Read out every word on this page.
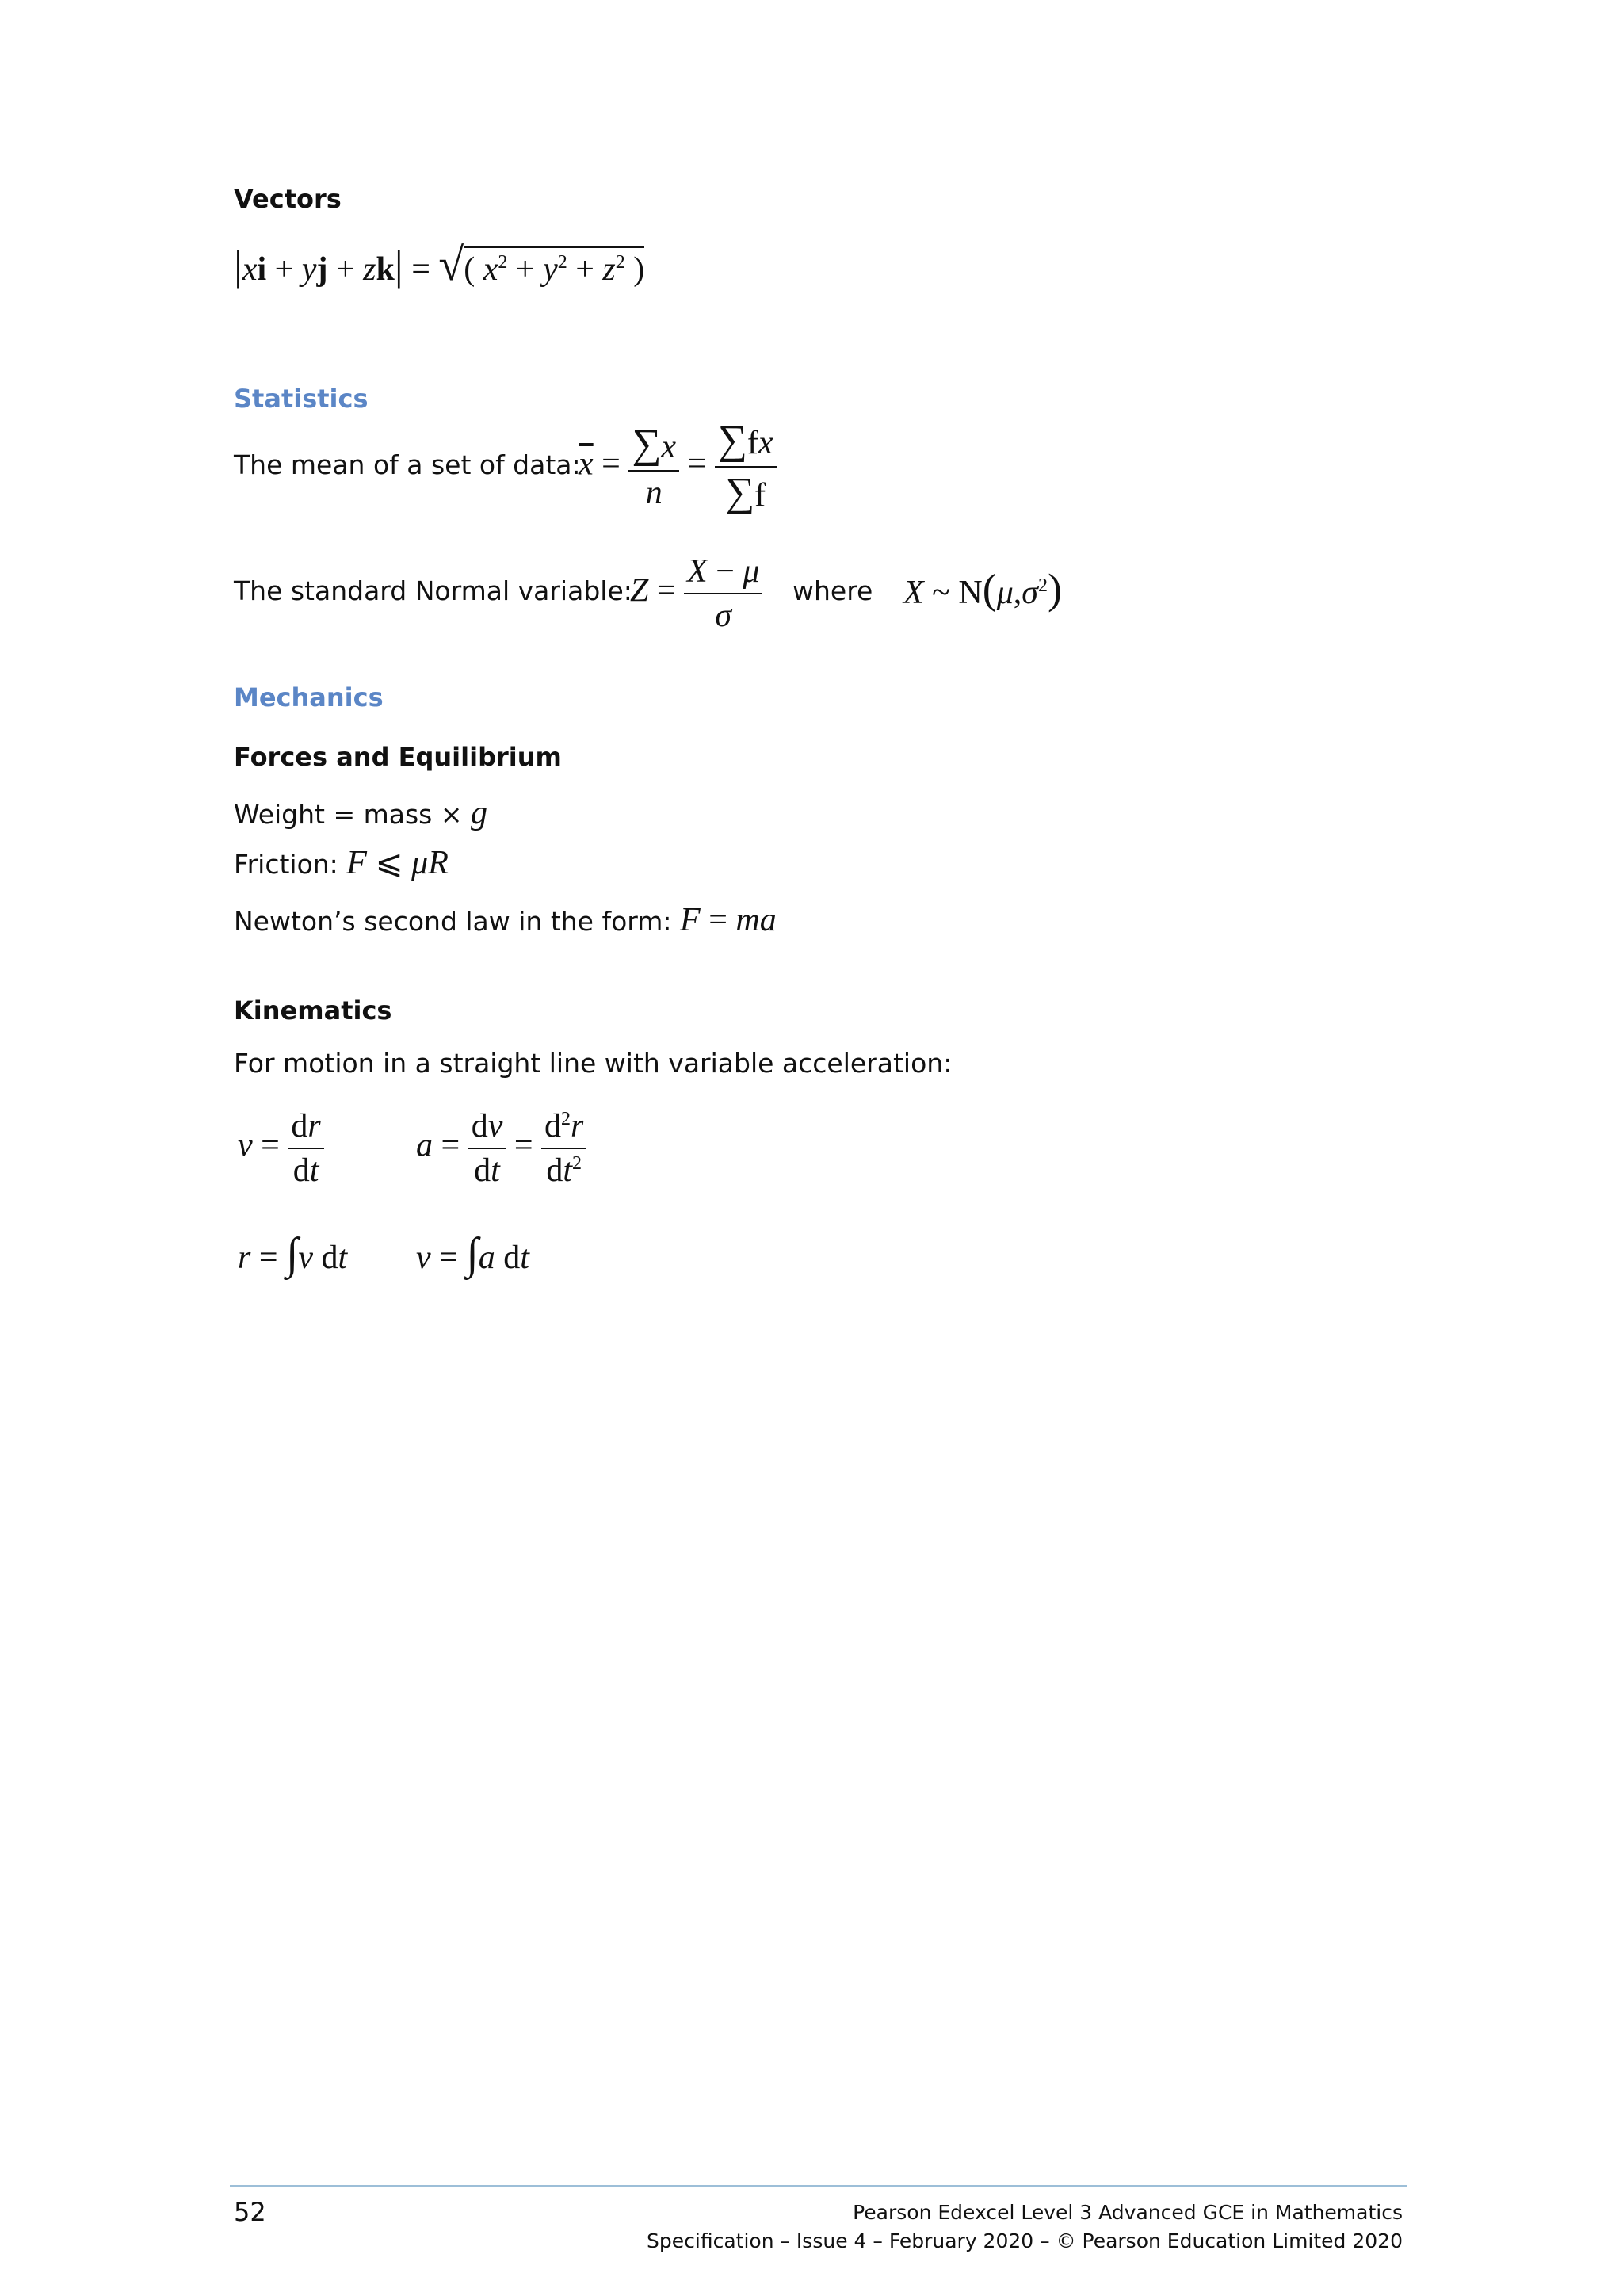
Vectors
|xi + yj + zk| = √( $x^2 + y^2 + z^2$ )
Statistics
The mean of a set of data:
$\overline{x} = \frac{\sum x}{n} = \frac{\sum fx}{\sum f}$
The standard Normal variable:
$Z = \frac{X - \mu}{\sigma}$ where X ~ $N(\mu,\sigma^2)$
Mechanics
Forces and Equilibrium
Weight = mass × g
Friction: F ⩽ μR
Newton’s second law in the form: F = ma
Kinematics
For motion in a straight line with variable acceleration:
$v = \frac{dr}{dt}$	$a = \frac{dv}{dt} = \frac{d^2r}{dt^2}$
r = ∫v dt v = ∫a dt
52	Pearson Edexcel Level 3 Advanced GCE in Mathematics
Specification – Issue 4 – February 2020 – © Pearson Education Limited 2020
